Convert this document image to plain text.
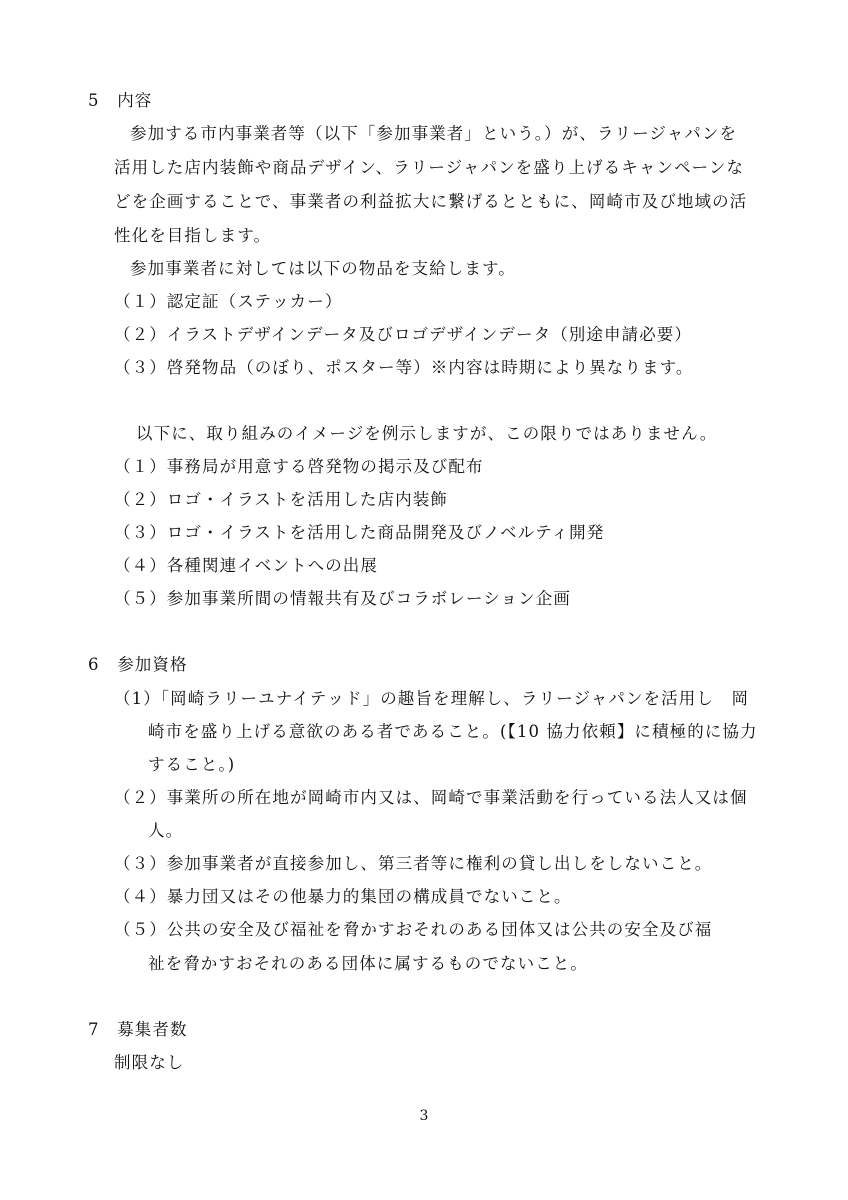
5　内容
参加する市内事業者等（以下「参加事業者」という。）が、ラリージャパンを
活用した店内装飾や商品デザイン、ラリージャパンを盛り上げるキャンペーンな
どを企画することで、事業者の利益拡大に繋げるとともに、岡崎市及び地域の活
性化を目指します。
参加事業者に対しては以下の物品を支給します。
（１）認定証（ステッカー）
（２）イラストデザインデータ及びロゴデザインデータ（別途申請必要）
（３）啓発物品（のぼり、ポスター等）※内容は時期により異なります。
以下に、取り組みのイメージを例示しますが、この限りではありません。
（１）事務局が用意する啓発物の掲示及び配布
（２）ロゴ・イラストを活用した店内装飾
（３）ロゴ・イラストを活用した商品開発及びノベルティ開発
（４）各種関連イベントへの出展
（５）参加事業所間の情報共有及びコラボレーション企画
6　参加資格
（1）「岡崎ラリーユナイテッド」の趣旨を理解し、ラリージャパンを活用し　岡
崎市を盛り上げる意欲のある者であること。(【10 協力依頼】に積極的に協力
すること。)
（２）事業所の所在地が岡崎市内又は、岡崎で事業活動を行っている法人又は個
人。
（３）参加事業者が直接参加し、第三者等に権利の貸し出しをしないこと。
（４）暴力団又はその他暴力的集団の構成員でないこと。
（５）公共の安全及び福祉を脅かすおそれのある団体又は公共の安全及び福
祉を脅かすおそれのある団体に属するものでないこと。
7　募集者数
制限なし
3
